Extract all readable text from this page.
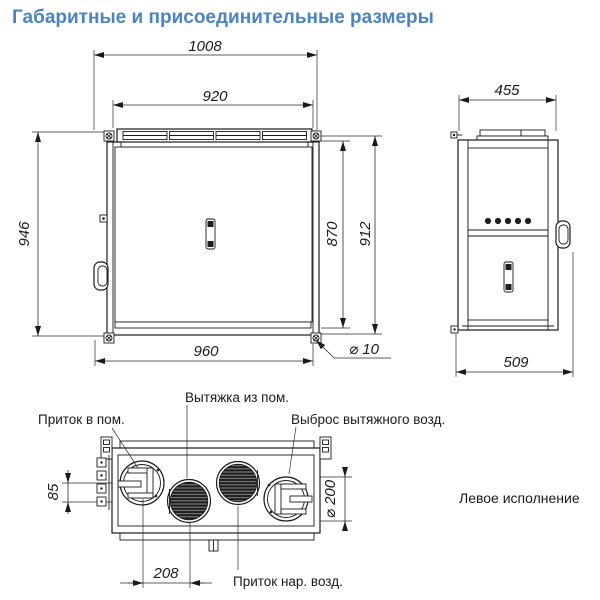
Габаритные и присоединительные размеры
1008
920
946	870 912
960	⌀ 10
455
509
Приток в пом.
Вытяжка из пом.
Выброс вытяжного возд.
Приток нар. возд.
85
208
⌀ 200	Левое исполнение
